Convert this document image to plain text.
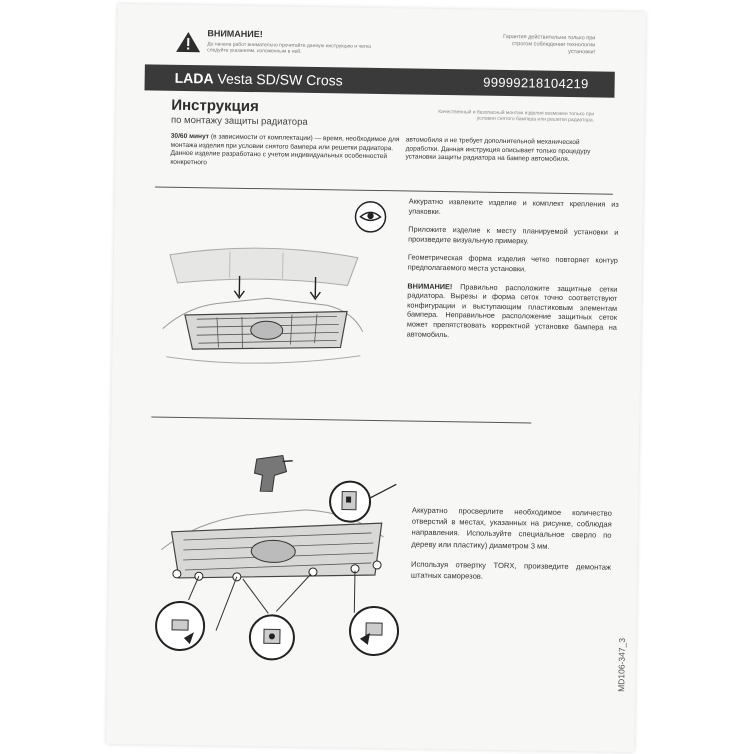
ВНИМАНИЕ!
До начала работ внимательно прочитайте данную инструкцию и четко следуйте указаниям, изложенным в ней.
Гарантия действительна только при строгом соблюдении технологии установки!
LADA Vesta SD/SW Cross	99999218104219
Инструкция
по монтажу защиты радиатора
Качественный и безопасный монтаж изделия возможен только при условии снятого бампера или решетки радиатора.
30/60 минут (в зависимости от комплектации) — время, необходимое для монтажа изделия при условии снятого бампера или решетки радиатора. Данное изделие разработано с учетом индивидуальных особенностей конкретного
автомобиля и не требует дополнительной механической доработки. Данная инструкция описывает только процедуру установки защиты радиатора на бампер автомобиля.

Аккуратно извлеките изделие и комплект крепления из упаковки.

Приложите изделие к месту планируемой установки и произведите визуальную примерку.

Геометрическая форма изделия четко повторяет контур предполагаемого места установки.

ВНИМАНИЕ! Правильно расположите защитные сетки радиатора. Вырезы и форма сеток точно соответствуют конфигурации и выступающим пластиковым элементам бампера. Неправильное расположение защитных сеток может препятствовать корректной установке бампера на автомобиль.

Аккуратно просверлите необходимое количество отверстий в местах, указанных на рисунке, соблюдая направления. Используйте специальное сверло по дереву или пластику) диаметром 3 мм.

Используя отвертку TORX, произведите демонтаж штатных саморезов.

MD106-347_3
